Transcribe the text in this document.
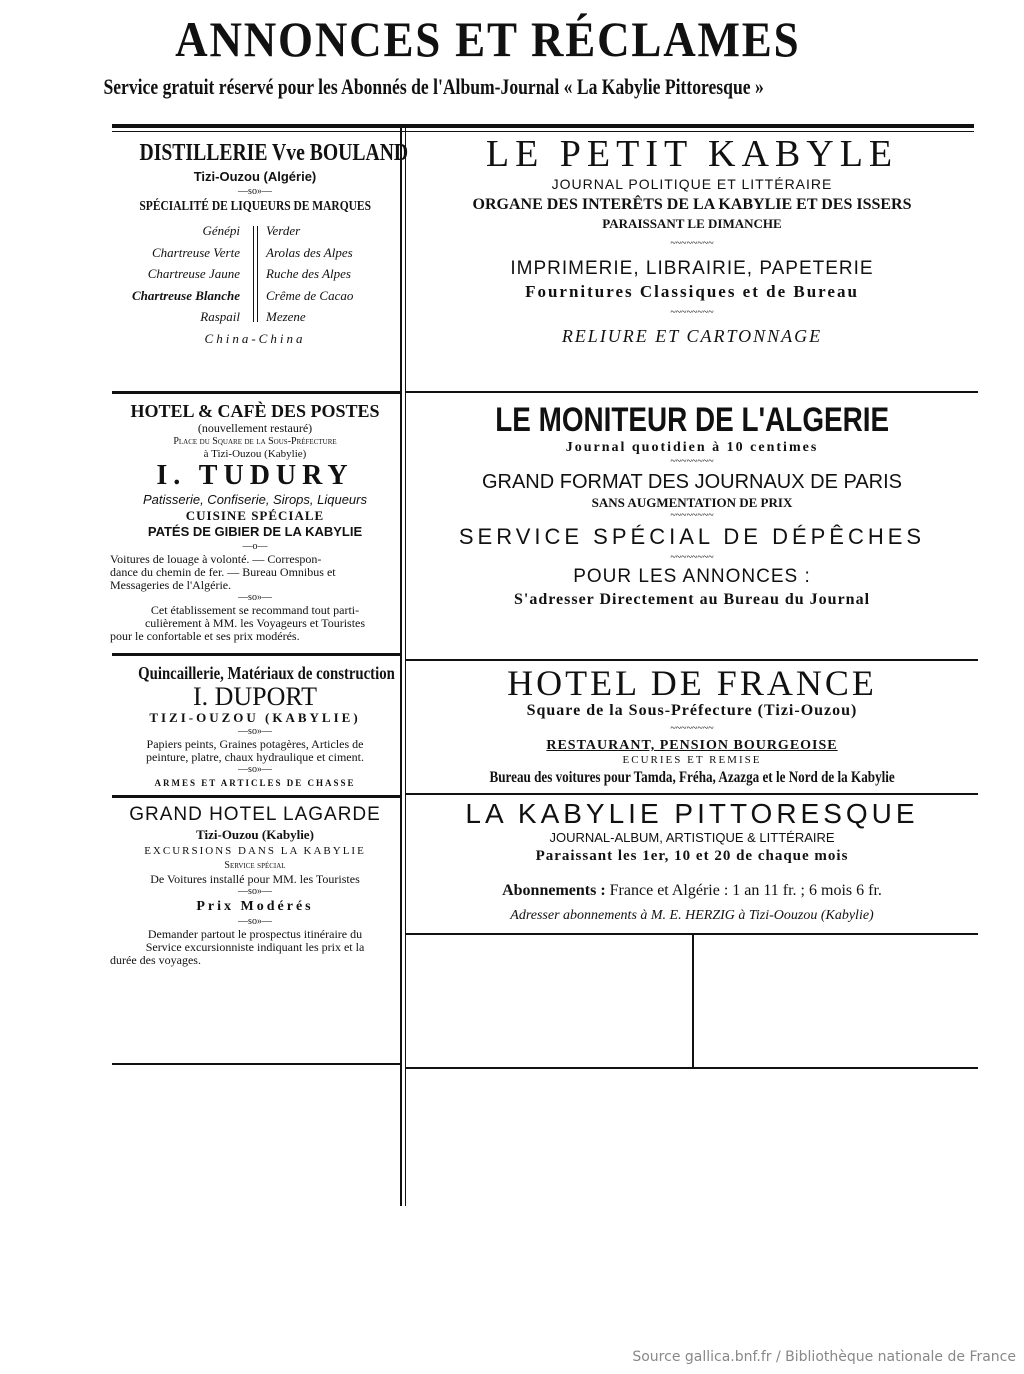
ANNONCES ET RÉCLAMES
Service gratuit réservé pour les Abonnés de l'Album-Journal « La Kabylie Pittoresque »
DISTILLERIE Vve BOULAND
Tizi-Ouzou (Algérie)
—so»—
SPÉCIALITÉ DE LIQUEURS DE MARQUES
Génépi
Chartreuse Verte
Chartreuse Jaune
Chartreuse Blanche
Raspail
Verder
Arolas des Alpes
Ruche des Alpes
Crême de Cacao
Mezene
China-China
HOTEL & CAFÈ DES POSTES
(nouvellement restauré)
Place du Square de la Sous-Préfecture
à Tizi-Ouzou (Kabylie)
I. TUDURY
Patisserie, Confiserie, Sirops, Liqueurs
CUISINE SPÉCIALE
PATÉS DE GIBIER DE LA KABYLIE
—o—
Voitures de louage à volonté. — Correspon-
dance du chemin de fer. — Bureau Omnibus et
Messageries de l'Algérie.
—so»—
Cet établissement se recommand tout parti-
culièrement à MM. les Voyageurs et Touristes
pour le confortable et ses prix modérés.
Quincaillerie, Matériaux de construction
I. DUPORT
TIZI-OUZOU (KABYLIE)
—so»—
Papiers peints, Graines potagères, Articles de
peinture, platre, chaux hydraulique et ciment.
—so»—
ARMES ET ARTICLES DE CHASSE
GRAND HOTEL LAGARDE
Tizi-Ouzou (Kabylie)
EXCURSIONS DANS LA KABYLIE
Service spécial
De Voitures installé pour MM. les Touristes
—so»—
Prix Modérés
—so»—
Demander partout le prospectus itinéraire du
Service excursionniste indiquant les prix et la
durée des voyages.
LE PETIT KABYLE
JOURNAL POLITIQUE ET LITTÉRAIRE
ORGANE DES INTERÊTS DE LA KABYLIE ET DES ISSERS
PARAISSANT LE DIMANCHE
~~~~~~~~
IMPRIMERIE, LIBRAIRIE, PAPETERIE
Fournitures Classiques et de Bureau
~~~~~~~~
RELIURE ET CARTONNAGE
LE MONITEUR DE L'ALGERIE
Journal quotidien à 10 centimes
~~~~~~~~
GRAND FORMAT DES JOURNAUX DE PARIS
SANS AUGMENTATION DE PRIX
~~~~~~~~
SERVICE SPÉCIAL DE DÉPÊCHES
~~~~~~~~
POUR LES ANNONCES :
S'adresser Directement au Bureau du Journal
HOTEL DE FRANCE
Square de la Sous-Préfecture (Tizi-Ouzou)
~~~~~~~~
RESTAURANT, PENSION BOURGEOISE
ECURIES ET REMISE
Bureau des voitures pour Tamda, Fréha, Azazga et le Nord de la Kabylie
LA KABYLIE PITTORESQUE
JOURNAL-ALBUM, ARTISTIQUE & LITTÉRAIRE
Paraissant les 1er, 10 et 20 de chaque mois
Abonnements : France et Algérie : 1 an 11 fr. ; 6 mois 6 fr.
Adresser abonnements à M. E. HERZIG à Tizi-Oouzou (Kabylie)
Source gallica.bnf.fr / Bibliothèque nationale de France
